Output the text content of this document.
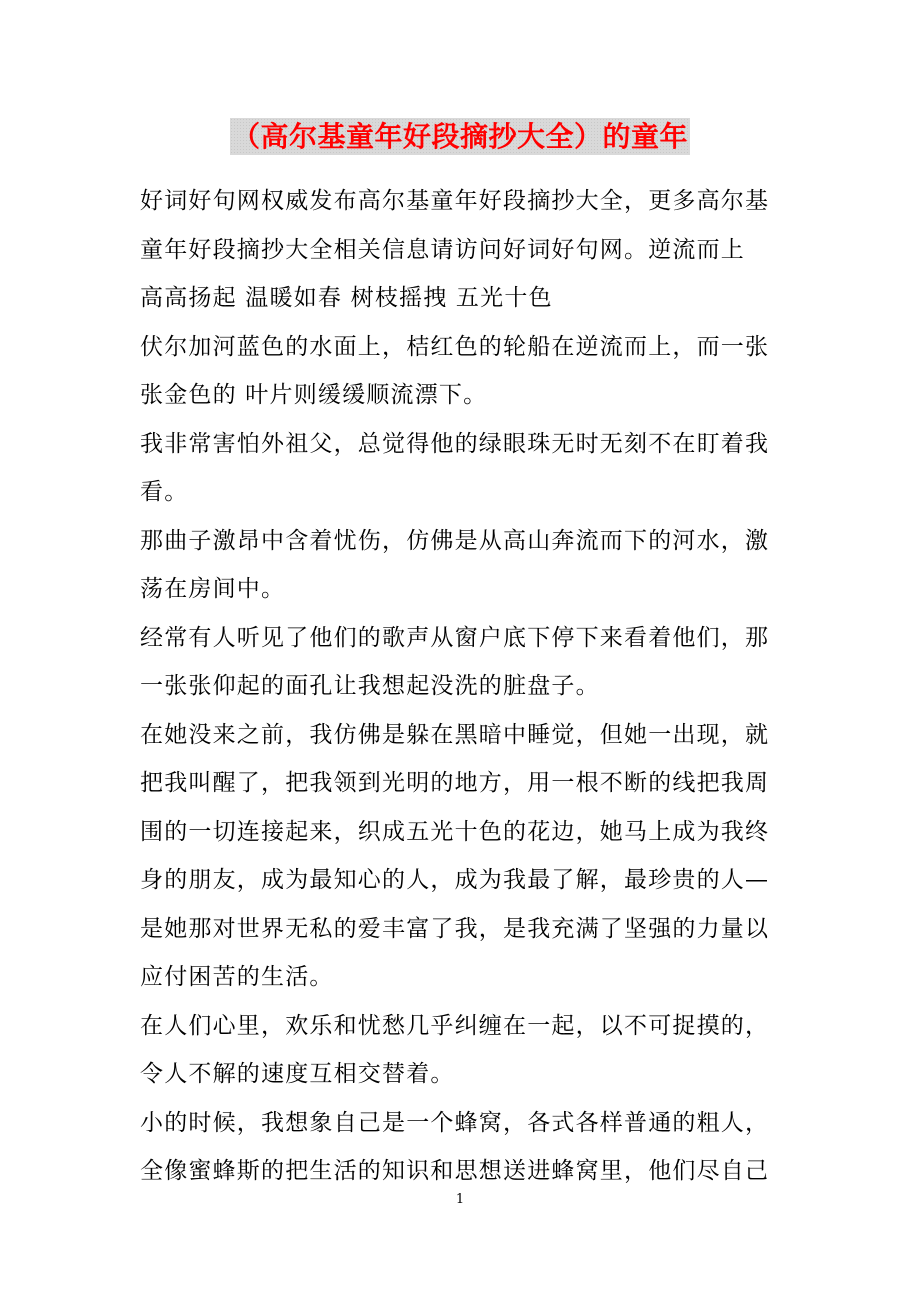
（高尔基童年好段摘抄大全）的童年
好词好句网权威发布高尔基童年好段摘抄大全，更多高尔基
童年好段摘抄大全相关信息请访问好词好句网。逆流而上
高高扬起 温暖如春 树枝摇拽 五光十色
伏尔加河蓝色的水面上，桔红色的轮船在逆流而上，而一张
张金色的 叶片则缓缓顺流漂下。
我非常害怕外祖父，总觉得他的绿眼珠无时无刻不在盯着我
看。
那曲子激昂中含着忧伤，仿佛是从高山奔流而下的河水，激
荡在房间中。
经常有人听见了他们的歌声从窗户底下停下来看着他们，那
一张张仰起的面孔让我想起没洗的脏盘子。
在她没来之前，我仿佛是躲在黑暗中睡觉，但她一出现，就
把我叫醒了，把我领到光明的地方，用一根不断的线把我周
围的一切连接起来，织成五光十色的花边，她马上成为我终
身的朋友，成为最知心的人，成为我最了解，最珍贵的人—
是她那对世界无私的爱丰富了我，是我充满了坚强的力量以
应付困苦的生活。
在人们心里，欢乐和忧愁几乎纠缠在一起，以不可捉摸的，
令人不解的速度互相交替着。
小的时候，我想象自己是一个蜂窝，各式各样普通的粗人，
全像蜜蜂斯的把生活的知识和思想送进蜂窝里，他们尽自己
1
